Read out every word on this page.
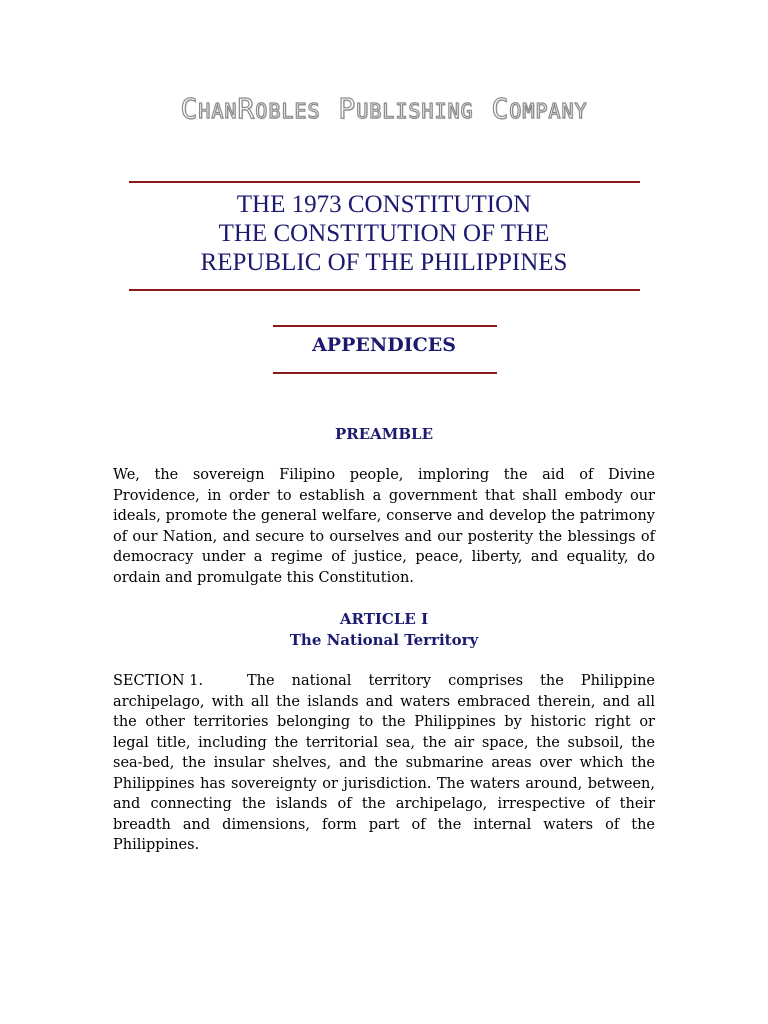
ChanRobles Publishing Company
THE 1973 CONSTITUTION
THE CONSTITUTION OF THE
REPUBLIC OF THE PHILIPPINES
APPENDICES
PREAMBLE
We, the sovereign Filipino people, imploring the aid of Divine Providence, in order to establish a government that shall embody our ideals, promote the general welfare, conserve and develop the patrimony of our Nation, and secure to ourselves and our posterity the blessings of democracy under a regime of justice, peace, liberty, and equality, do ordain and promulgate this Constitution.
ARTICLE I
The National Territory
SECTION 1.	The national territory comprises the Philippine archipelago, with all the islands and waters embraced therein, and all the other territories belonging to the Philippines by historic right or legal title, including the territorial sea, the air space, the subsoil, the sea-bed, the insular shelves, and the submarine areas over which the Philippines has sovereignty or jurisdiction. The waters around, between, and connecting the islands of the archipelago, irrespective of their breadth and dimensions, form part of the internal waters of the Philippines.
